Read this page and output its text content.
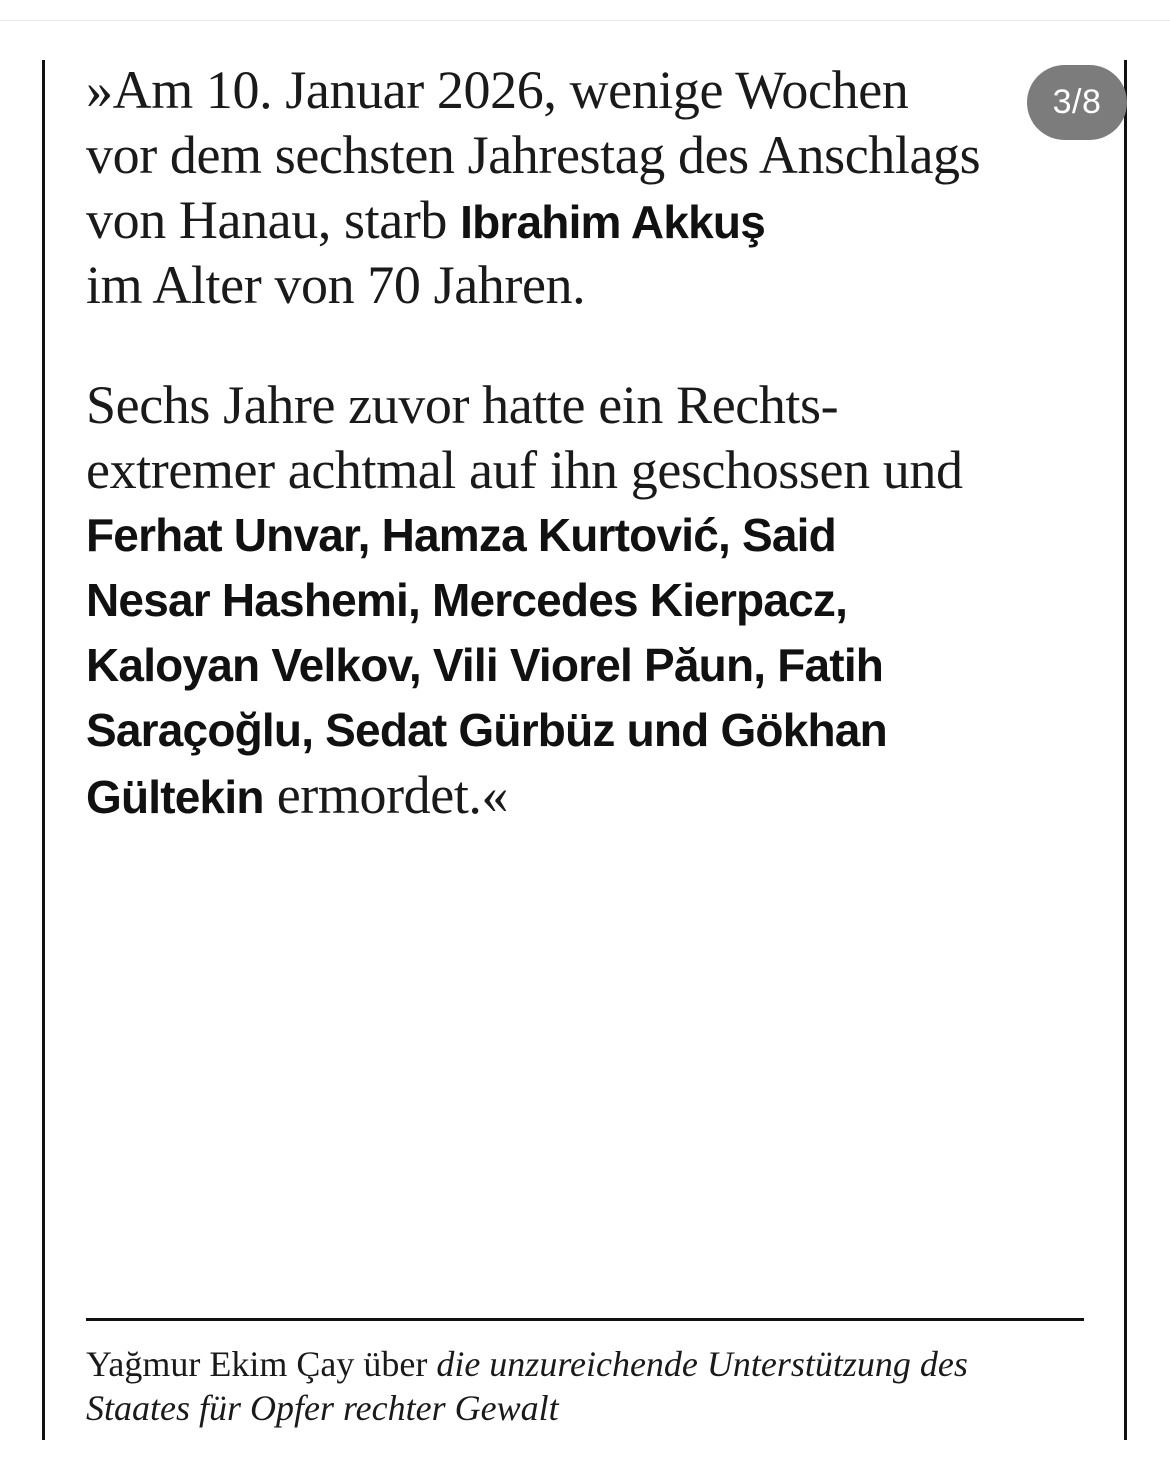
3/8
»Am 10. Januar 2026, wenige Wochen
vor dem sechsten Jahrestag des Anschlags
von Hanau, starb Ibrahim Akkuş
im Alter von 70 Jahren.
Sechs Jahre zuvor hatte ein Rechts-
extremer achtmal auf ihn geschossen und
Ferhat Unvar, Hamza Kurtović, Said
Nesar Hashemi, Mercedes Kierpacz,
Kaloyan Velkov, Vili Viorel Păun, Fatih
Saraçoğlu, Sedat Gürbüz und Gökhan
Gültekin ermordet.«
Yağmur Ekim Çay über die unzureichende Unterstützung des
Staates für Opfer rechter Gewalt
